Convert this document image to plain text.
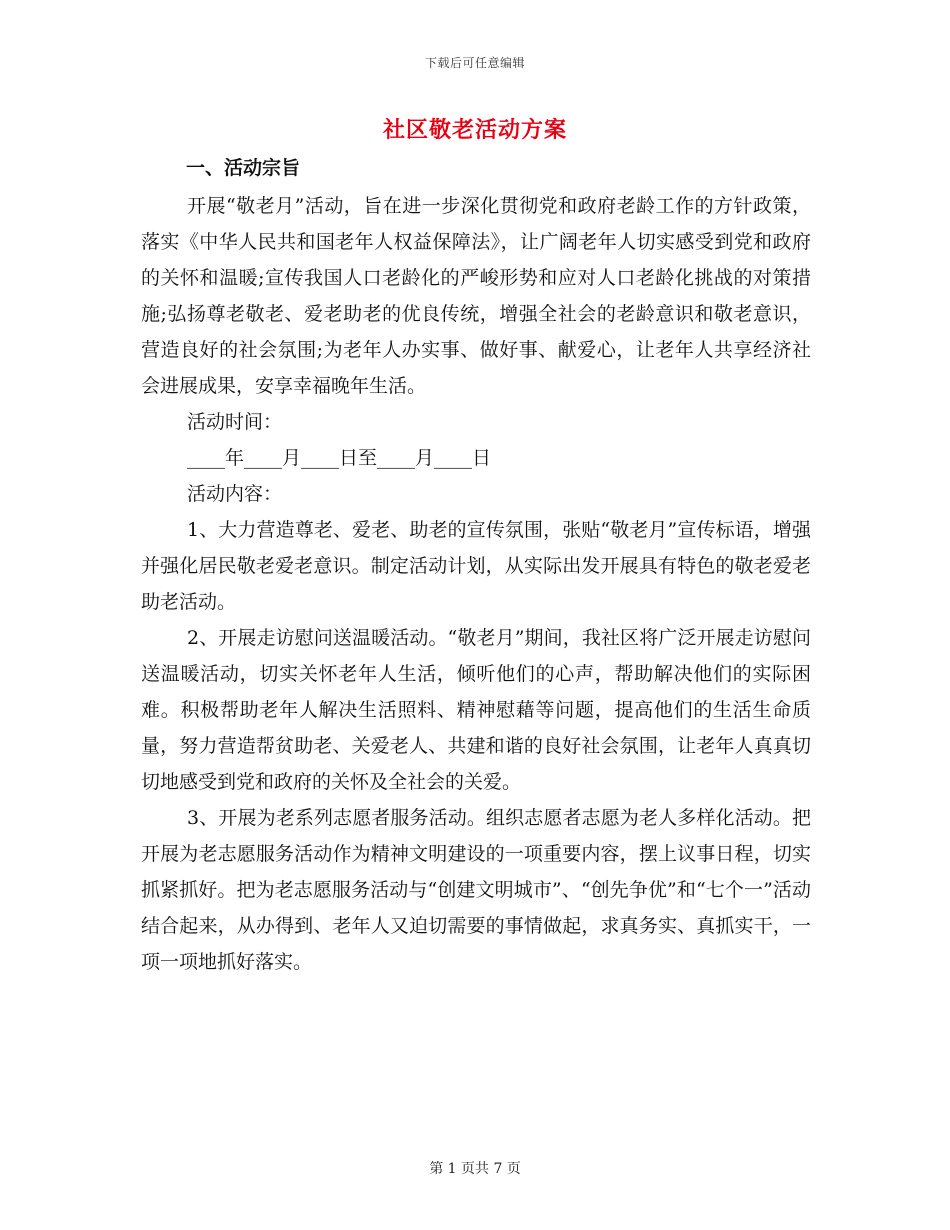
下载后可任意编辑
社区敬老活动方案

一、活动宗旨

开展“敬老月”活动，旨在进一步深化贯彻党和政府老龄工作的方针政策，落实《中华人民共和国老年人权益保障法》，让广阔老年人切实感受到党和政府的关怀和温暖;宣传我国人口老龄化的严峻形势和应对人口老龄化挑战的对策措施;弘扬尊老敬老、爱老助老的优良传统，增强全社会的老龄意识和敬老意识，营造良好的社会氛围;为老年人办实事、做好事、献爱心，让老年人共享经济社会进展成果，安享幸福晚年生活。

活动时间：

____年____月____日至____月____日

活动内容：

1、大力营造尊老、爱老、助老的宣传氛围，张贴“敬老月”宣传标语，增强并强化居民敬老爱老意识。制定活动计划，从实际出发开展具有特色的敬老爱老助老活动。

2、开展走访慰问送温暖活动。“敬老月”期间，我社区将广泛开展走访慰问送温暖活动，切实关怀老年人生活，倾听他们的心声，帮助解决他们的实际困难。积极帮助老年人解决生活照料、精神慰藉等问题，提高他们的生活生命质量，努力营造帮贫助老、关爱老人、共建和谐的良好社会氛围，让老年人真真切切地感受到党和政府的关怀及全社会的关爱。

3、开展为老系列志愿者服务活动。组织志愿者志愿为老人多样化活动。把开展为老志愿服务活动作为精神文明建设的一项重要内容，摆上议事日程，切实抓紧抓好。把为老志愿服务活动与“创建文明城市”、“创先争优”和“七个一”活动结合起来，从办得到、老年人又迫切需要的事情做起，求真务实、真抓实干，一项一项地抓好落实。

第 1 页共 7 页
